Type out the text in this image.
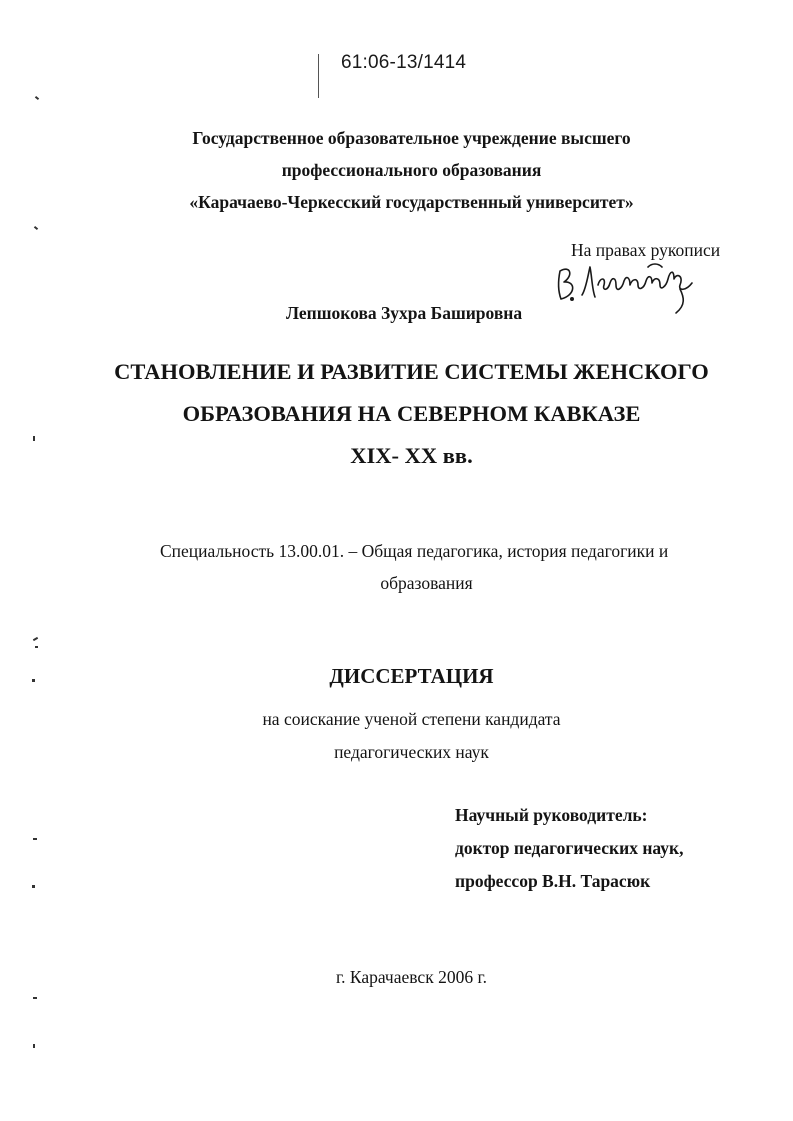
61:06-13/1414
Государственное образовательное учреждение высшего
профессионального образования
«Карачаево-Черкесский государственный университет»
На правах рукописи
Лепшокова Зухра Башировна
СТАНОВЛЕНИЕ И РАЗВИТИЕ СИСТЕМЫ ЖЕНСКОГО
ОБРАЗОВАНИЯ НА СЕВЕРНОМ КАВКАЗЕ
XIX- XX вв.
Специальность 13.00.01. – Общая педагогика, история педагогики и
образования
ДИССЕРТАЦИЯ
на соискание ученой степени кандидата
педагогических наук
Научный руководитель:
доктор педагогических наук,
профессор В.Н. Тарасюк
г. Карачаевск 2006 г.
